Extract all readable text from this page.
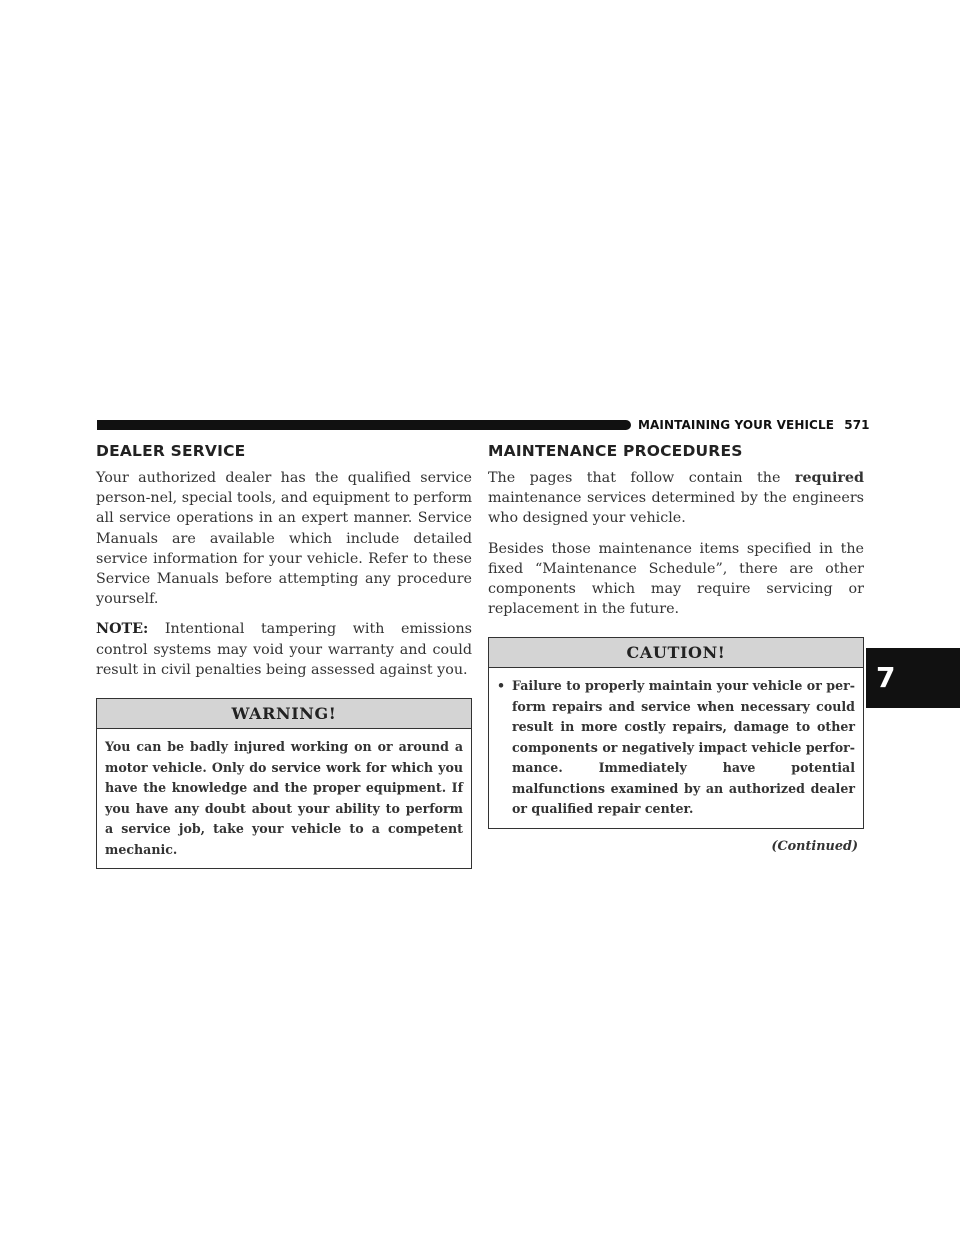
MAINTAINING YOUR VEHICLE 571
7
DEALER SERVICE

Your authorized dealer has the qualified service person-nel, special tools, and equipment to perform all service operations in an expert manner. Service Manuals are available which include detailed service information for your vehicle. Refer to these Service Manuals before attempting any procedure yourself.

NOTE: Intentional tampering with emissions control systems may void your warranty and could result in civil penalties being assessed against you.

WARNING!
You can be badly injured working on or around a motor vehicle. Only do service work for which you have the knowledge and the proper equipment. If you have any doubt about your ability to perform a service job, take your vehicle to a competent mechanic.
MAINTENANCE PROCEDURES

The pages that follow contain the required maintenance services determined by the engineers who designed your vehicle.

Besides those maintenance items specified in the fixed “Maintenance Schedule”, there are other components which may require servicing or replacement in the future.

CAUTION!
• Failure to properly maintain your vehicle or per-form repairs and service when necessary could result in more costly repairs, damage to other components or negatively impact vehicle perfor-mance. Immediately have potential malfunctions examined by an authorized dealer or qualified repair center.
(Continued)
